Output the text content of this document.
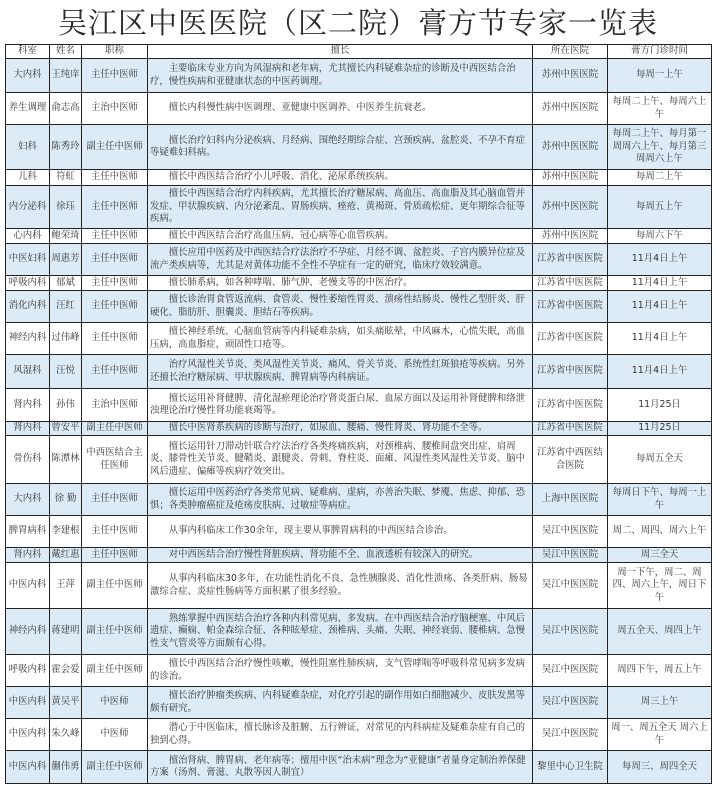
吴江区中医医院（区二院）膏方节专家一览表
科室	姓名	职称	擅长	所在医院	膏方门诊时间
大内科	王纯庠	主任中医师	主要临床专业方向为风湿病和老年病，尤其擅长内科疑难杂症的诊断及中西医结合治疗，慢性疾病和亚健康状态的中医药调理。	苏州中医医院	每周一上午
养生调理	俞志高	主治中医师	擅长内科慢性病中医调理、亚健康中医调养、中医养生抗衰老。	苏州中医医院	每周二上午、每周六上午
妇科	陈秀玲	副主任中医师	擅长治疗妇科内分泌疾病、月经病、围绝经期综合症、宫颈疾病、盆腔炎、不孕不育症等疑难妇科病。	苏州中医医院	每周二上午、每月第一周周六上午、每月第三周周六上午
儿科	符虹	主任中医师	擅长中西医结合治疗小儿呼吸、消化、泌尿系统疾病。	苏州中医医院	每周二上午
内分泌科	徐珏	主任中医师	擅长中西医结合治疗内科疾病，尤其擅长治疗糖尿病、高血压、高血脂及其心脑血管并发症、甲状腺疾病、内分泌紊乱、胃肠疾病、痤疮、黄褐斑、骨质疏松症、更年期综合征等疾病。	苏州中医医院	每周五上午
心内科	鲍荣琦	主任中医师	擅长中西医结合治疗高血压病、冠心病等心血管疾病。	苏州中医医院	每周六下午
中医妇科	周惠芳	主任中医师	擅长应用中医药及中西医结合疗法治疗不孕症、月经不调、盆腔炎、子宫内膜异位症及流产类疾病等，尤其是对黄体功能不全性不孕症有一定的研究，临床疗效较满意。	江苏省中医医院	11月4日上午
呼吸内科	郁斌	主任中医师	擅长肺系病，如各种哮喘、肺气肿、老慢支等的中医治疗。	江苏省中医医院	11月4日上午
消化内科	汪红	主任中医师	擅长诊治胃食管返流病、食管炎、慢性萎缩性胃炎、溃疡性结肠炎、慢性乙型肝炎、肝硬化、脂肪肝、胆囊炎、胆结石等疾病。	江苏省中医医院	11月4日上午
神经内科	过伟峰	主任中医师	擅长神经系统、心脑血管病等内科疑难杂病，如头痛眩晕，中风麻木，心慌失眠，高血压病，高血脂症，顽固性口疮等。	江苏省中医医院	11月4日上午
风湿科	汪悦	主任中医师	治疗风湿性关节炎、类风湿性关节炎、痛风、骨关节炎、系统性红斑狼疮等疾病。另外还擅长治疗糖尿病、甲状腺疾病、脾胃病等内科病证。	江苏省中医医院	11月4日上午
肾内科	孙伟	主治中医师	擅长运用补肾健脾、清化湿瘀理论治疗肾炎蛋白尿、血尿方面以及运用补肾健脾和络泄浊理论治疗慢性肾功能衰竭等。	江苏省中医医院	11月25日
肾内科	曾安平	副主任中医师	擅长中医肾系疾病的诊断与治疗，如尿血、腰痛、慢性肾炎、肾功能不全等。	江苏省中医医院	11月25日
骨伤科	陈潭林	中西医结合主任医师	擅长运用针刀滞动针联合疗法治疗各类疼痛疾病，对颈椎病、腰椎间盘突出症、肩周炎、膝骨性关节炎、腱鞘炎、跟腱炎、骨刺、脊柱炎、面瘫、风湿性类风湿性关节炎、脑中风后遗症、偏瘫等疾病疗效突出。	江苏省中西医结合医院	每周五全天
大内科	徐 勤	主任中医师	擅长运用中医药治疗各类常见病、疑难病、虚病，亦善治失眠、梦魇、焦虑、抑郁、恐惧；各类肿瘤癌症及疮疡皮肤病、过敏症等病症。	上海中医医院	每周日下午、每周一上午
脾胃病科	李建根	主任中医师	从事内科临床工作30余年，现主要从事脾胃病科的中西医结合诊治。	吴江中医医院	周二、周四、周六上午
肾内科	戴红惠	主任中医师	对中西医结合治疗慢性肾脏疾病、肾功能不全、血液透析有较深入的研究。	吴江中医医院	周三全天
中医内科	王萍	副主任中医师	从事内科临床30多年，在功能性消化不良、急性胰腺炎、消化性溃疡、各类肝病、肠易激综合症、炎症性肠病等方面积累了很多经验。	吴江中医医院	周一下午，周二、周四、周六上午，周日下午
神经内科	蒋建明	副主任中医师	熟练掌握中西医结合治疗各种内科常见病、多发病。在中西医结合治疗脑梗塞、中风后遗症、癫痫、帕金森综合征、各种眩晕症、颈椎病、头痛、失眠、神经衰弱、腰椎病、急慢性支气管炎等方面颇有心得。	吴江中医医院	周五全天、周四上午
呼吸内科	霍会爱	副主任中医师	擅长中西医结合治疗慢性咳嗽，慢性阻塞性肺疾病，支气管哮喘等呼吸科常见病多发病的诊治。	吴江中医医院	周四下午，周五上午
中医内科	黄吴平	中医师	擅长治疗肿瘤类疾病、内科疑难杂症，对化疗引起的副作用如白细胞减少、皮肤发黑等颇有研究。	吴江中医医院	周三上午
中医内科	朱久峰	中医师	潜心于中医临床，擅长脉诊及脏腑、五行辨证，对常见的内科病症及疑难杂症有自己的独到心得。	吴江中医医院	周一、周五全天 周六上午
中医内科	蒯伟勇	副主任中医师	擅治肾病、脾胃病、老年病等；擅用中医“治未病”理念为“亚健康”者量身定制治养保健方案（汤剂、膏滋、丸散等因人制宜）	黎里中心卫生院	每周三、周四全天
